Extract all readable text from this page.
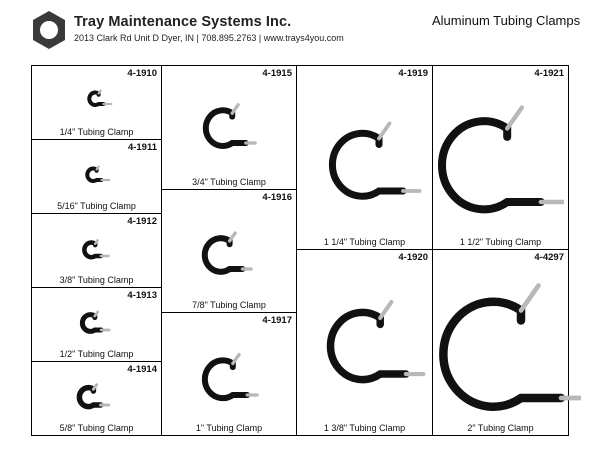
Tray Maintenance Systems Inc.
2013 Clark Rd Unit D Dyer, IN | 708.895.2763 | www.trays4you.com
Aluminum Tubing Clamps
4-1910
1/4" Tubing Clamp
4-1911
5/16" Tubing Clamp
4-1912
3/8" Tubing Clamp
4-1913
1/2" Tubing Clamp
4-1914
5/8" Tubing Clamp
4-1915
3/4" Tubing Clamp
4-1916
7/8" Tubing Clamp
4-1917
1" Tubing Clamp
4-1919
1 1/4" Tubing Clamp
4-1920
1 3/8" Tubing Clamp
4-1921
1 1/2" Tubing Clamp
4-4297
2" Tubing Clamp
